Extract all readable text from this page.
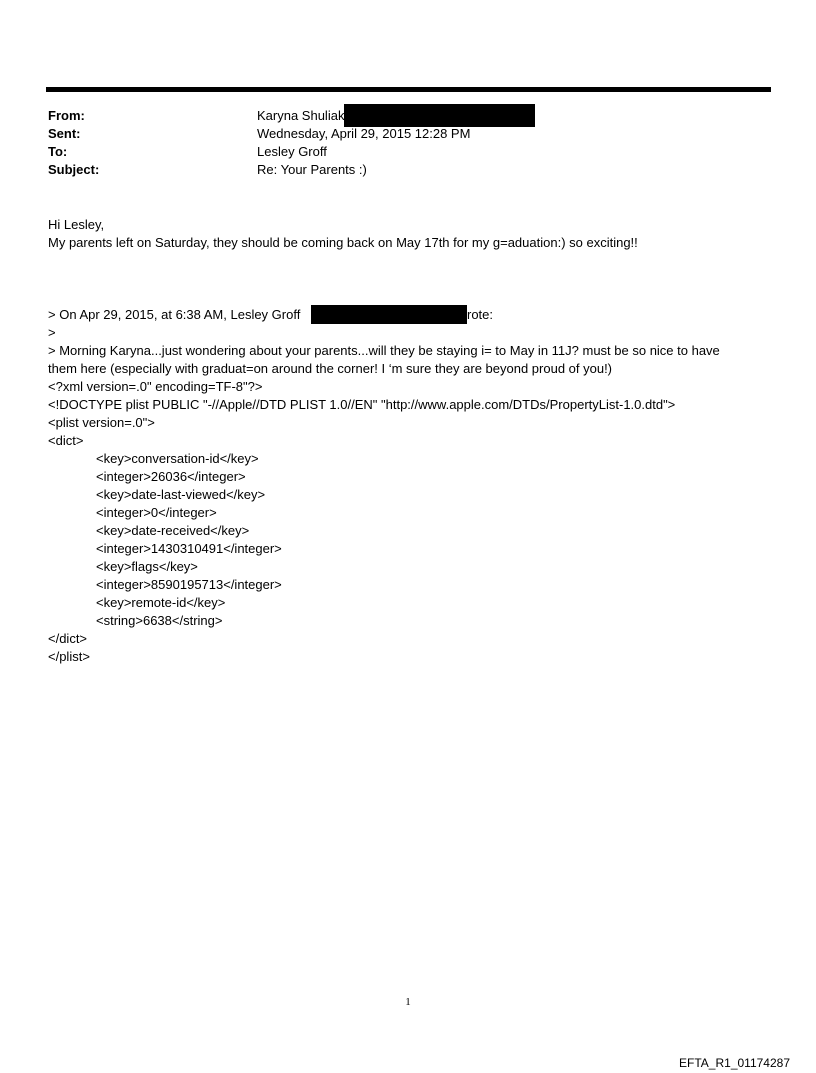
From:	Karyna Shuliak
Sent:	Wednesday, April 29, 2015 12:28 PM
To:	Lesley Groff
Subject:	Re: Your Parents :)
Hi Lesley,
My parents left on Saturday, they should be coming back on May 17th for my g=aduation:) so exciting!!
> On Apr 29, 2015, at 6:38 AM, Lesley Groff	rote:
>
> Morning Karyna...just wondering about your parents...will they be staying i= to May in 11J? must be so nice to have
them here (especially with graduat=on around the corner! I ‘m sure they are beyond proud of you!)
<?xml version=.0" encoding=TF-8"?>
<!DOCTYPE plist PUBLIC "-//Apple//DTD PLIST 1.0//EN" "http://www.apple.com/DTDs/PropertyList-1.0.dtd">
<plist version=.0">
<dict>
<key>conversation-id</key>
<integer>26036</integer>
<key>date-last-viewed</key>
<integer>0</integer>
<key>date-received</key>
<integer>1430310491</integer>
<key>flags</key>
<integer>8590195713</integer>
<key>remote-id</key>
<string>6638</string>
</dict>
</plist>
1
EFTA_R1_01174287
